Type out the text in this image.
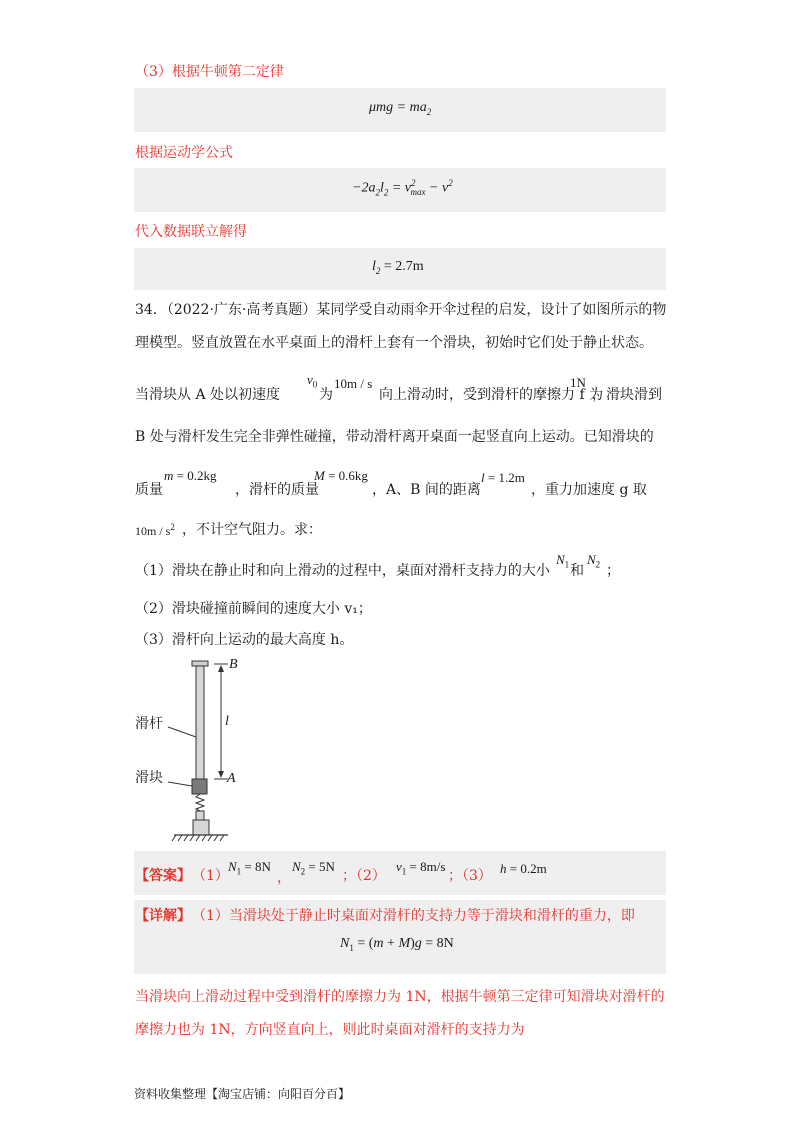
（3）根据牛顿第二定律
$\mu mg = ma_2$
根据运动学公式
$-2a_2l_2 = v^2_{max} - v^2$
代入数据联立解得
$l_2 = 2.7m$
34．（2022·广东·高考真题）某同学受自动雨伞开伞过程的启发，设计了如图所示的物
理模型。竖直放置在水平桌面上的滑杆上套有一个滑块，初始时它们处于静止状态。
当滑块从 A 处以初速度
$v_0$
为
10m / s
向上滑动时，受到滑杆的摩擦力 f 为
1N
，滑块滑到
B 处与滑杆发生完全非弹性碰撞，带动滑杆离开桌面一起竖直向上运动。已知滑块的
质量
m = 0.2kg
，滑杆的质量
M = 0.6kg
，A、B 间的距离
l = 1.2m
，重力加速度 g 取
$10m / s^2$ ，不计空气阻力。求：
（1）滑块在静止时和向上滑动的过程中，桌面对滑杆支持力的大小
$N_1$ 和
$N_2$ ；
（2）滑块碰撞前瞬间的速度大小 v₁；
（3）滑杆向上运动的最大高度 h。
B
A
l
滑杆
滑块
【答案】 （1）
$N_1 = 8N$
，
$N_2 = 5N$
；（2）
$v_1 = 8m/s$
；（3） h = 0.2m
【详解】 （1）当滑块处于静止时桌面对滑杆的支持力等于滑块和滑杆的重力，即
$N_1 = (m + M)g = 8N$
当滑块向上滑动过程中受到滑杆的摩擦力为 1N，根据牛顿第三定律可知滑块对滑杆的
摩擦力也为 1N，方向竖直向上，则此时桌面对滑杆的支持力为
资料收集整理【淘宝店铺：向阳百分百】
